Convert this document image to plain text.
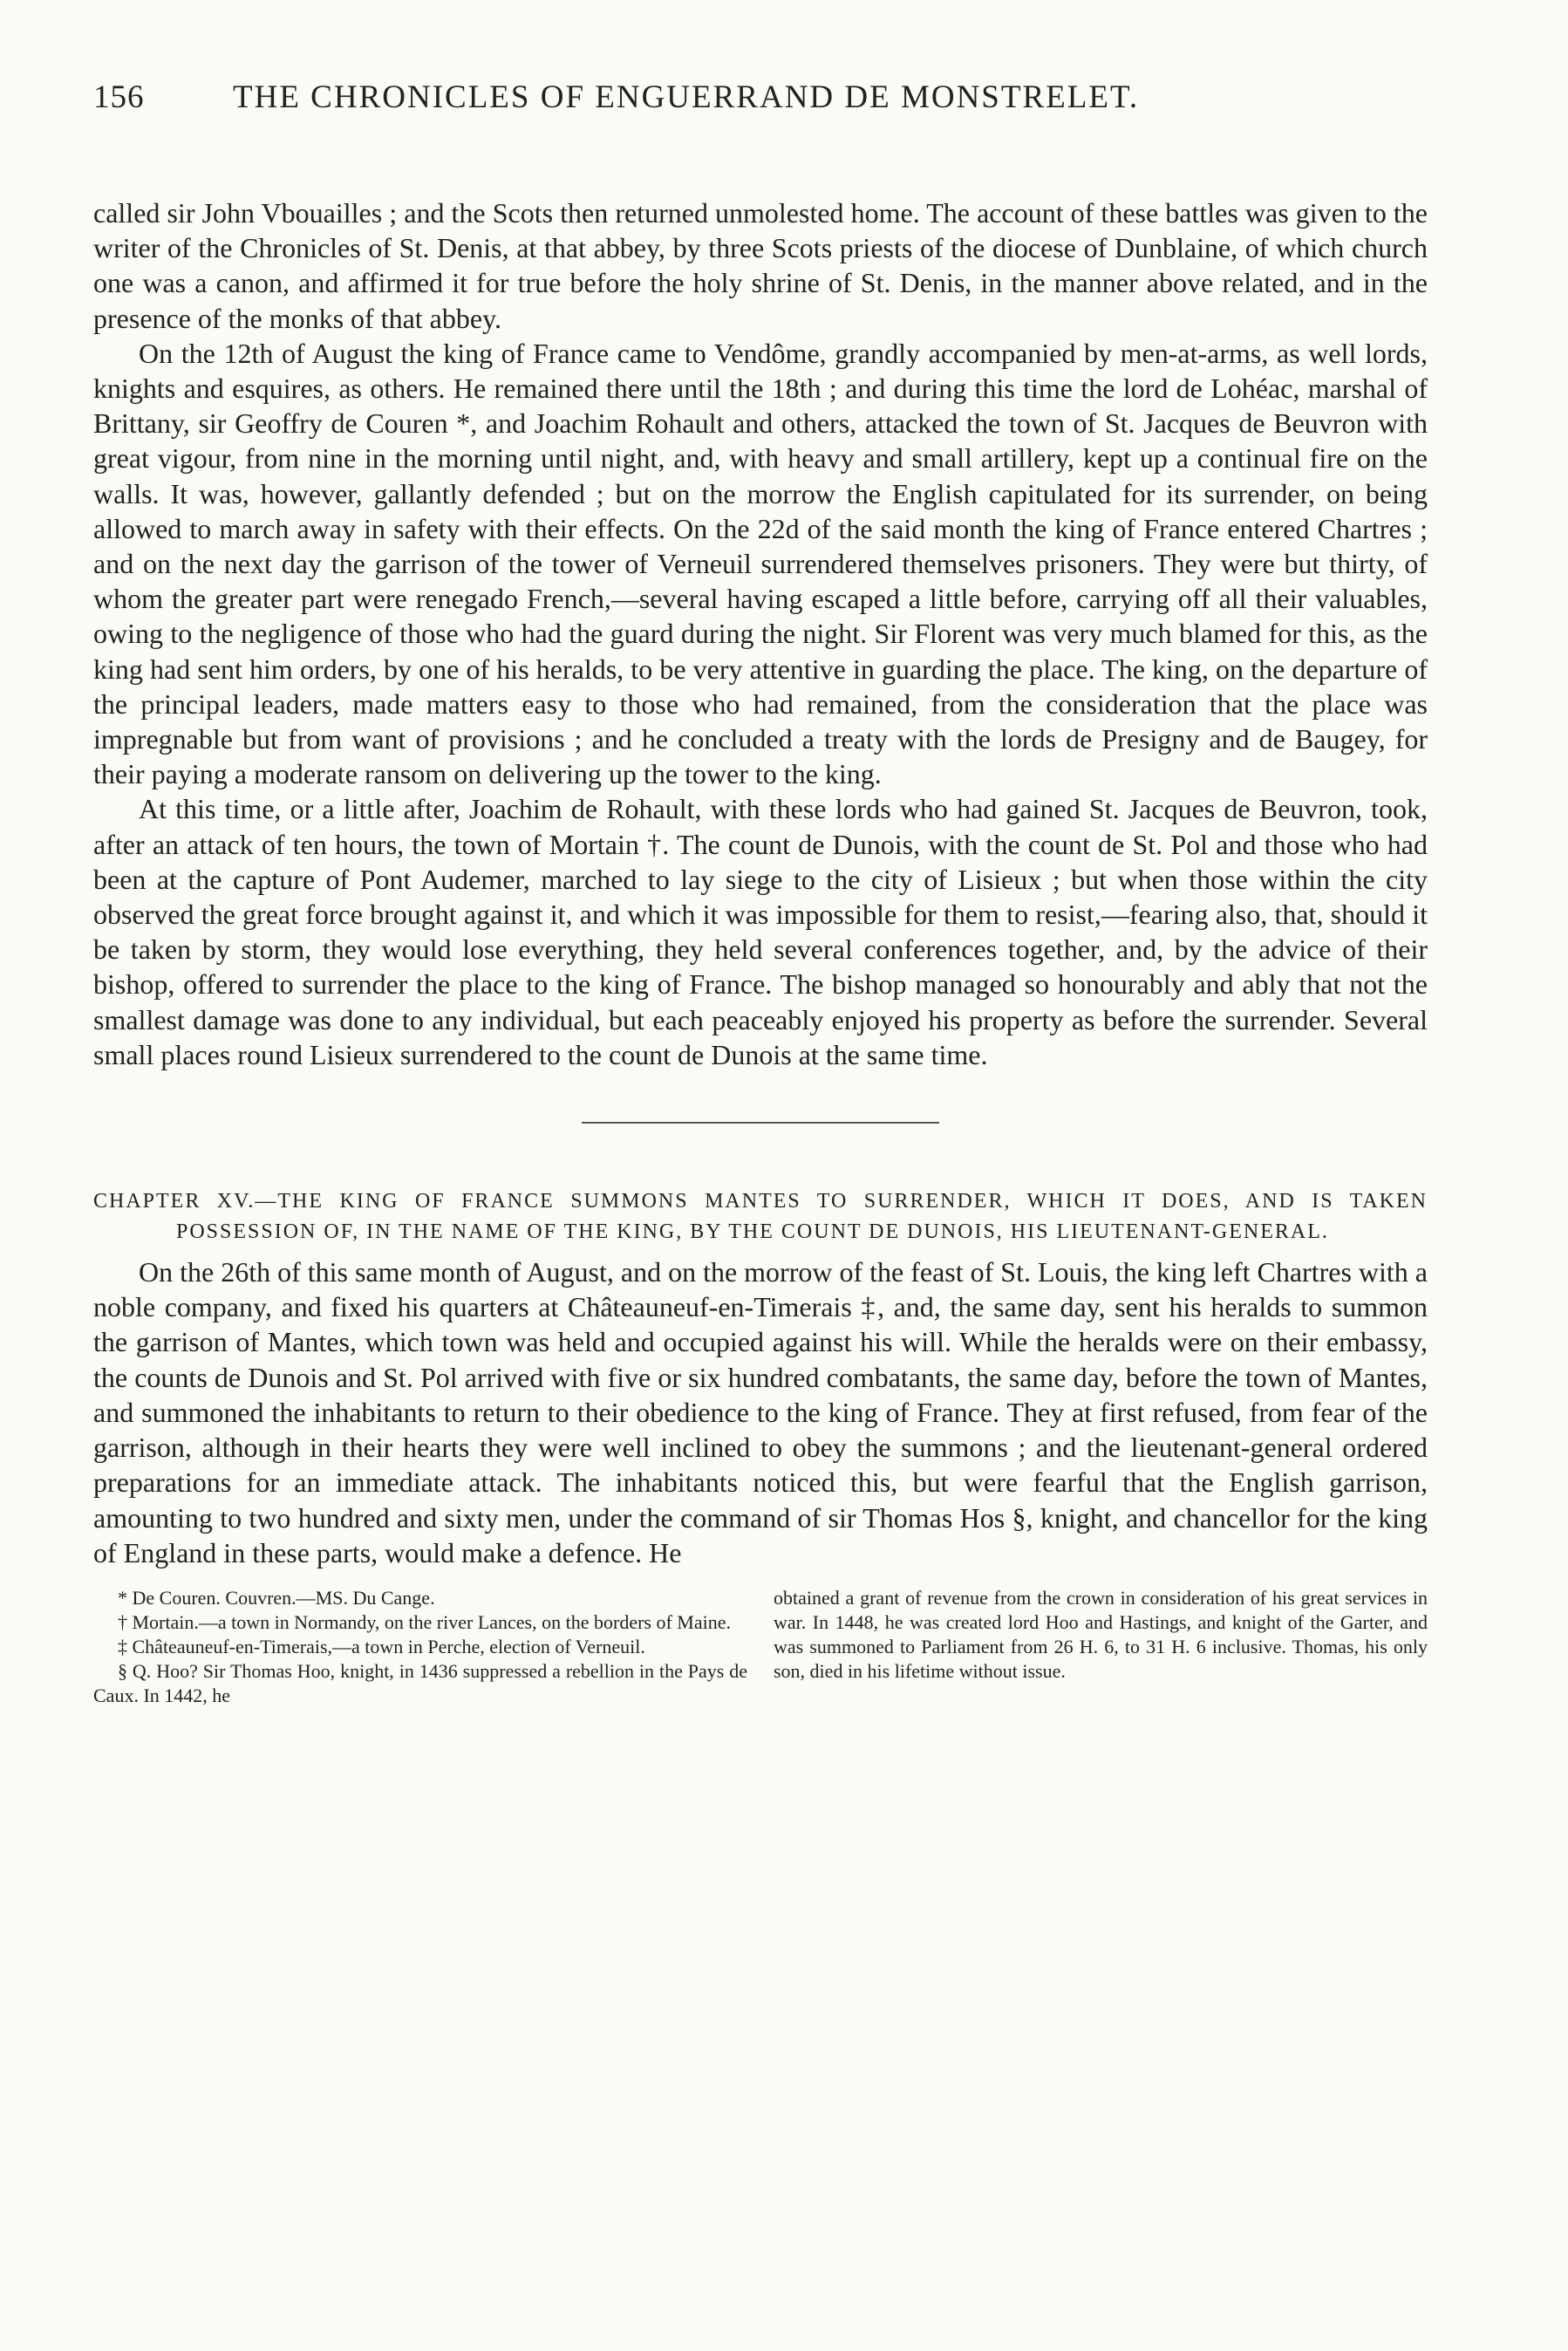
156	THE CHRONICLES OF ENGUERRAND DE MONSTRELET.

called sir John Vbouailles ; and the Scots then returned unmolested home. The account of these battles was given to the writer of the Chronicles of St. Denis, at that abbey, by three Scots priests of the diocese of Dunblaine, of which church one was a canon, and affirmed it for true before the holy shrine of St. Denis, in the manner above related, and in the presence of the monks of that abbey.

On the 12th of August the king of France came to Vendôme, grandly accompanied by men-at-arms, as well lords, knights and esquires, as others. He remained there until the 18th ; and during this time the lord de Lohéac, marshal of Brittany, sir Geoffry de Couren *, and Joachim Rohault and others, attacked the town of St. Jacques de Beuvron with great vigour, from nine in the morning until night, and, with heavy and small artillery, kept up a continual fire on the walls. It was, however, gallantly defended ; but on the morrow the English capitulated for its surrender, on being allowed to march away in safety with their effects. On the 22d of the said month the king of France entered Chartres ; and on the next day the garrison of the tower of Verneuil surrendered themselves prisoners. They were but thirty, of whom the greater part were renegado French,—several having escaped a little before, carrying off all their valuables, owing to the negligence of those who had the guard during the night. Sir Florent was very much blamed for this, as the king had sent him orders, by one of his heralds, to be very attentive in guarding the place. The king, on the departure of the principal leaders, made matters easy to those who had remained, from the consideration that the place was impregnable but from want of provisions ; and he concluded a treaty with the lords de Presigny and de Baugey, for their paying a moderate ransom on delivering up the tower to the king.

At this time, or a little after, Joachim de Rohault, with these lords who had gained St. Jacques de Beuvron, took, after an attack of ten hours, the town of Mortain †. The count de Dunois, with the count de St. Pol and those who had been at the capture of Pont Audemer, marched to lay siege to the city of Lisieux ; but when those within the city observed the great force brought against it, and which it was impossible for them to resist,—fearing also, that, should it be taken by storm, they would lose everything, they held several conferences together, and, by the advice of their bishop, offered to surrender the place to the king of France. The bishop managed so honourably and ably that not the smallest damage was done to any individual, but each peaceably enjoyed his property as before the surrender. Several small places round Lisieux surrendered to the count de Dunois at the same time.

CHAPTER XV.—THE KING OF FRANCE SUMMONS MANTES TO SURRENDER, WHICH IT DOES, AND IS TAKEN POSSESSION OF, IN THE NAME OF THE KING, BY THE COUNT DE DUNOIS, HIS LIEUTENANT-GENERAL.

On the 26th of this same month of August, and on the morrow of the feast of St. Louis, the king left Chartres with a noble company, and fixed his quarters at Châteauneuf-en-Timerais ‡, and, the same day, sent his heralds to summon the garrison of Mantes, which town was held and occupied against his will. While the heralds were on their embassy, the counts de Dunois and St. Pol arrived with five or six hundred combatants, the same day, before the town of Mantes, and summoned the inhabitants to return to their obedience to the king of France. They at first refused, from fear of the garrison, although in their hearts they were well inclined to obey the summons ; and the lieutenant-general ordered preparations for an immediate attack. The inhabitants noticed this, but were fearful that the English garrison, amounting to two hundred and sixty men, under the command of sir Thomas Hos §, knight, and chancellor for the king of England in these parts, would make a defence. He

* De Couren. Couvren.—MS. Du Cange.

† Mortain.—a town in Normandy, on the river Lances, on the borders of Maine.

‡ Châteauneuf-en-Timerais,—a town in Perche, election of Verneuil.

§ Q. Hoo? Sir Thomas Hoo, knight, in 1436 suppressed a rebellion in the Pays de Caux. In 1442, he

obtained a grant of revenue from the crown in consideration of his great services in war. In 1448, he was created lord Hoo and Hastings, and knight of the Garter, and was summoned to Parliament from 26 H. 6, to 31 H. 6 inclusive. Thomas, his only son, died in his lifetime without issue.
